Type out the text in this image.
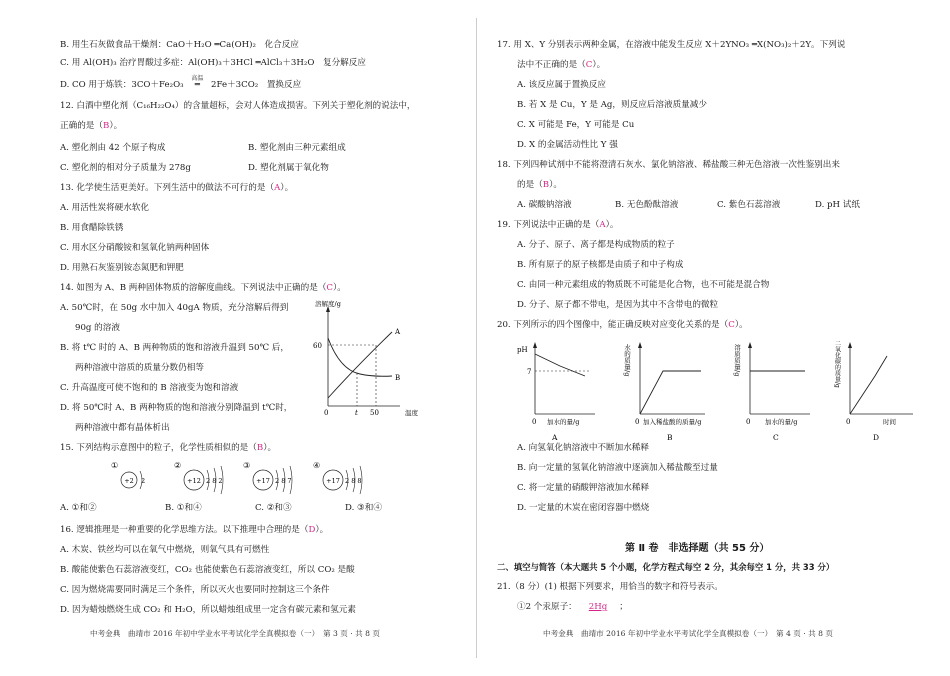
B. 用生石灰做食品干燥剂：CaO＋H₂O ═Ca(OH)₂　化合反应
C. 用 Al(OH)₃ 治疗胃酸过多症：Al(OH)₃＋3HCl ═AlCl₃＋3H₂O　复分解反应
D. CO 用于炼铁：3CO＋Fe₂O₃
高温
═ 2Fe＋3CO₂　置换反应
12. 白酒中塑化剂（C₁₆H₂₂O₄）的含量超标，会对人体造成损害。下列关于塑化剂的说法中，
正确的是（B）。
A. 塑化剂由 42 个原子构成	B. 塑化剂由三种元素组成
C. 塑化剂的相对分子质量为 278g	D. 塑化剂属于氧化物
13. 化学使生活更美好。下列生活中的做法不可行的是（A）。
A. 用活性炭将硬水软化
B. 用食醋除铁锈
C. 用水区分硝酸铵和氢氧化钠两种固体
D. 用熟石灰鉴别铵态氮肥和钾肥
14. 如图为 A、B 两种固体物质的溶解度曲线。下列说法中正确的是（C）。
A. 50℃时，在 50g 水中加入 40gA 物质，充分溶解后得到
90g 的溶液
B. 将 t℃ 时的 A、B 两种物质的饱和溶液升温到 50℃ 后，
两种溶液中溶质的质量分数仍相等
C. 升高温度可使不饱和的 B 溶液变为饱和溶液
D. 将 50℃时 A、B 两种物质的饱和溶液分别降温到 t℃时，
两种溶液中都有晶体析出
溶解度/g
60
0	t 50	温度
A
B
15. 下列结构示意图中的粒子，化学性质相似的是（B）。
①
+2 2
②
+12 2 8 2
③
+17 2 8 7
④
+17 2 8 8
A. ①和②	B. ①和④	C. ②和③	D. ③和④
16. 逻辑推理是一种重要的化学思维方法。以下推理中合理的是（D）。
A. 木炭、铁丝均可以在氧气中燃烧，则氧气具有可燃性
B. 酸能使紫色石蕊溶液变红，CO₂ 也能使紫色石蕊溶液变红，所以 CO₂ 是酸
C. 因为燃烧需要同时满足三个条件，所以灭火也要同时控制这三个条件
D. 因为蜡烛燃烧生成 CO₂ 和 H₂O，所以蜡烛组成里一定含有碳元素和氢元素
中考金典　曲靖市 2016 年初中学业水平考试化学全真模拟卷（一）　第 3 页 · 共 8 页
17. 用 X、Y 分别表示两种金属，在溶液中能发生反应 X＋2YNO₃ ═X(NO₃)₂＋2Y。下列说
法中不正确的是（C）。
A. 该反应属于置换反应
B. 若 X 是 Cu，Y 是 Ag，则反应后溶液质量减少
C. X 可能是 Fe，Y 可能是 Cu
D. X 的金属活动性比 Y 强
18. 下列四种试剂中不能将澄清石灰水、氯化钠溶液、稀盐酸三种无色溶液一次性鉴别出来
的是（B）。
A. 碳酸钠溶液	B. 无色酚酞溶液	C. 紫色石蕊溶液	D. pH 试纸
19. 下列说法中正确的是（A）。
A. 分子、原子、离子都是构成物质的粒子
B. 所有原子的原子核都是由质子和中子构成
C. 由同一种元素组成的物质既不可能是化合物，也不可能是混合物
D. 分子、原子都不带电，是因为其中不含带电的微粒
20. 下列所示的四个图像中，能正确反映对应变化关系的是（C）。
pH
7
0 加水的量/g
A
水的质量/g
0 加入稀盐酸的质量/g
B
溶质质量/g
0 加水的量/g
C
二氧化碳的质量/g
0	时间
D
A. 向氢氧化钠溶液中不断加水稀释
B. 向一定量的氢氧化钠溶液中逐滴加入稀盐酸至过量
C. 将一定量的硝酸钾溶液加水稀释
D. 一定量的木炭在密闭容器中燃烧
第 Ⅱ 卷　非选择题（共 55 分）
二、填空与简答（本大题共 5 个小题，化学方程式每空 2 分，其余每空 1 分，共 33 分）
21.（8 分）(1) 根据下列要求，用恰当的数字和符号表示。
①2 个汞原子： 2Hg ；
中考金典　曲靖市 2016 年初中学业水平考试化学全真模拟卷（一）　第 4 页 · 共 8 页
